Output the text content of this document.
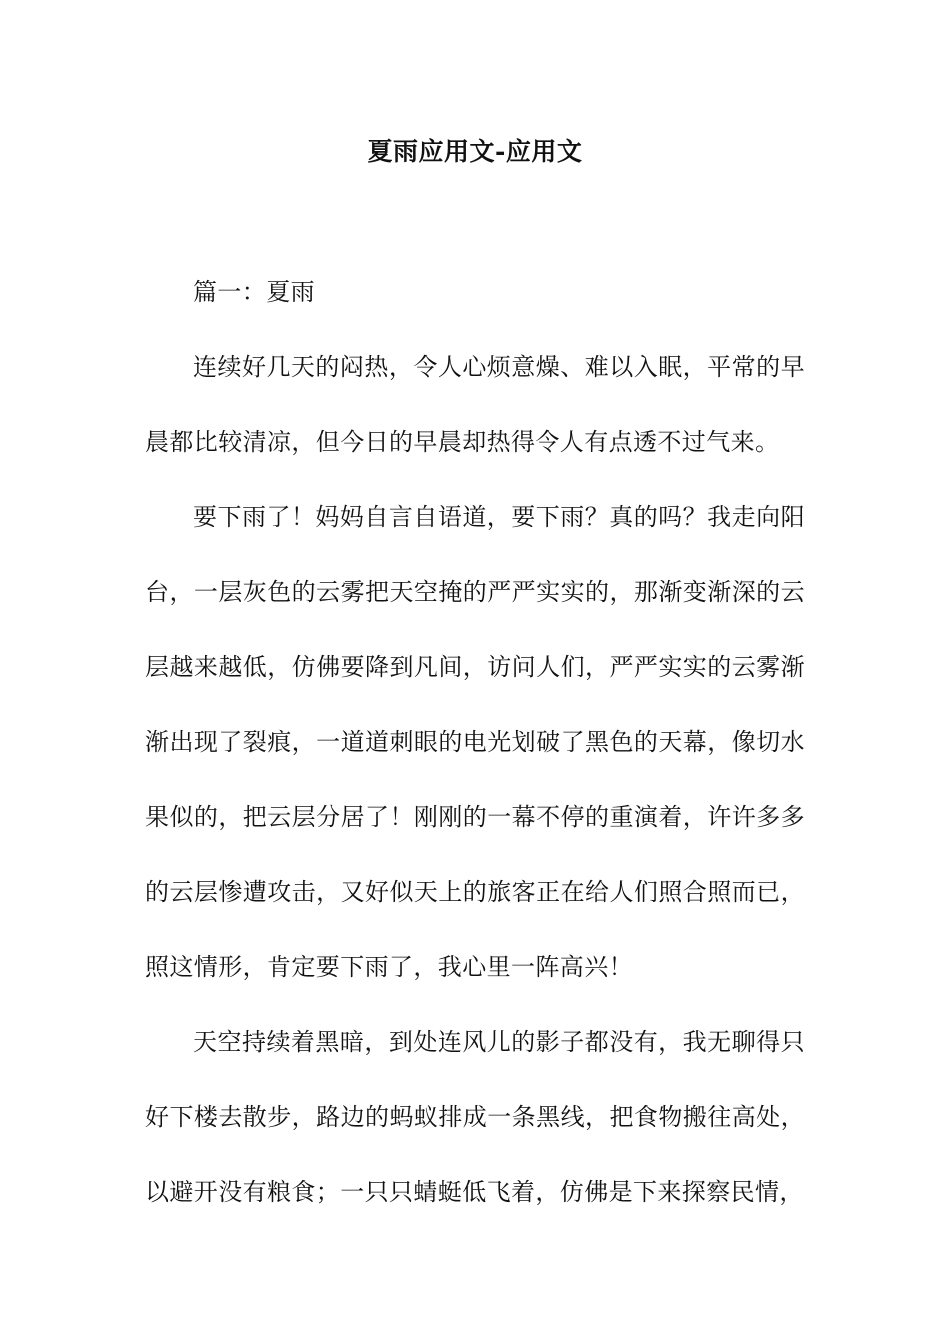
夏雨应用文-应用文

篇一：夏雨

连续好几天的闷热，令人心烦意燥、难以入眠，平常的早晨都比较清凉，但今日的早晨却热得令人有点透不过气来。

要下雨了！妈妈自言自语道，要下雨？真的吗？我走向阳台，一层灰色的云雾把天空掩的严严实实的，那渐变渐深的云层越来越低，仿佛要降到凡间，访问人们，严严实实的云雾渐渐出现了裂痕，一道道刺眼的电光划破了黑色的天幕，像切水果似的，把云层分居了！刚刚的一幕不停的重演着，许许多多的云层惨遭攻击，又好似天上的旅客正在给人们照合照而已，照这情形，肯定要下雨了，我心里一阵高兴！

天空持续着黑暗，到处连风儿的影子都没有，我无聊得只好下楼去散步，路边的蚂蚁排成一条黑线，把食物搬往高处，以避开没有粮食；一只只蜻蜓低飞着，仿佛是下来探察民情，
